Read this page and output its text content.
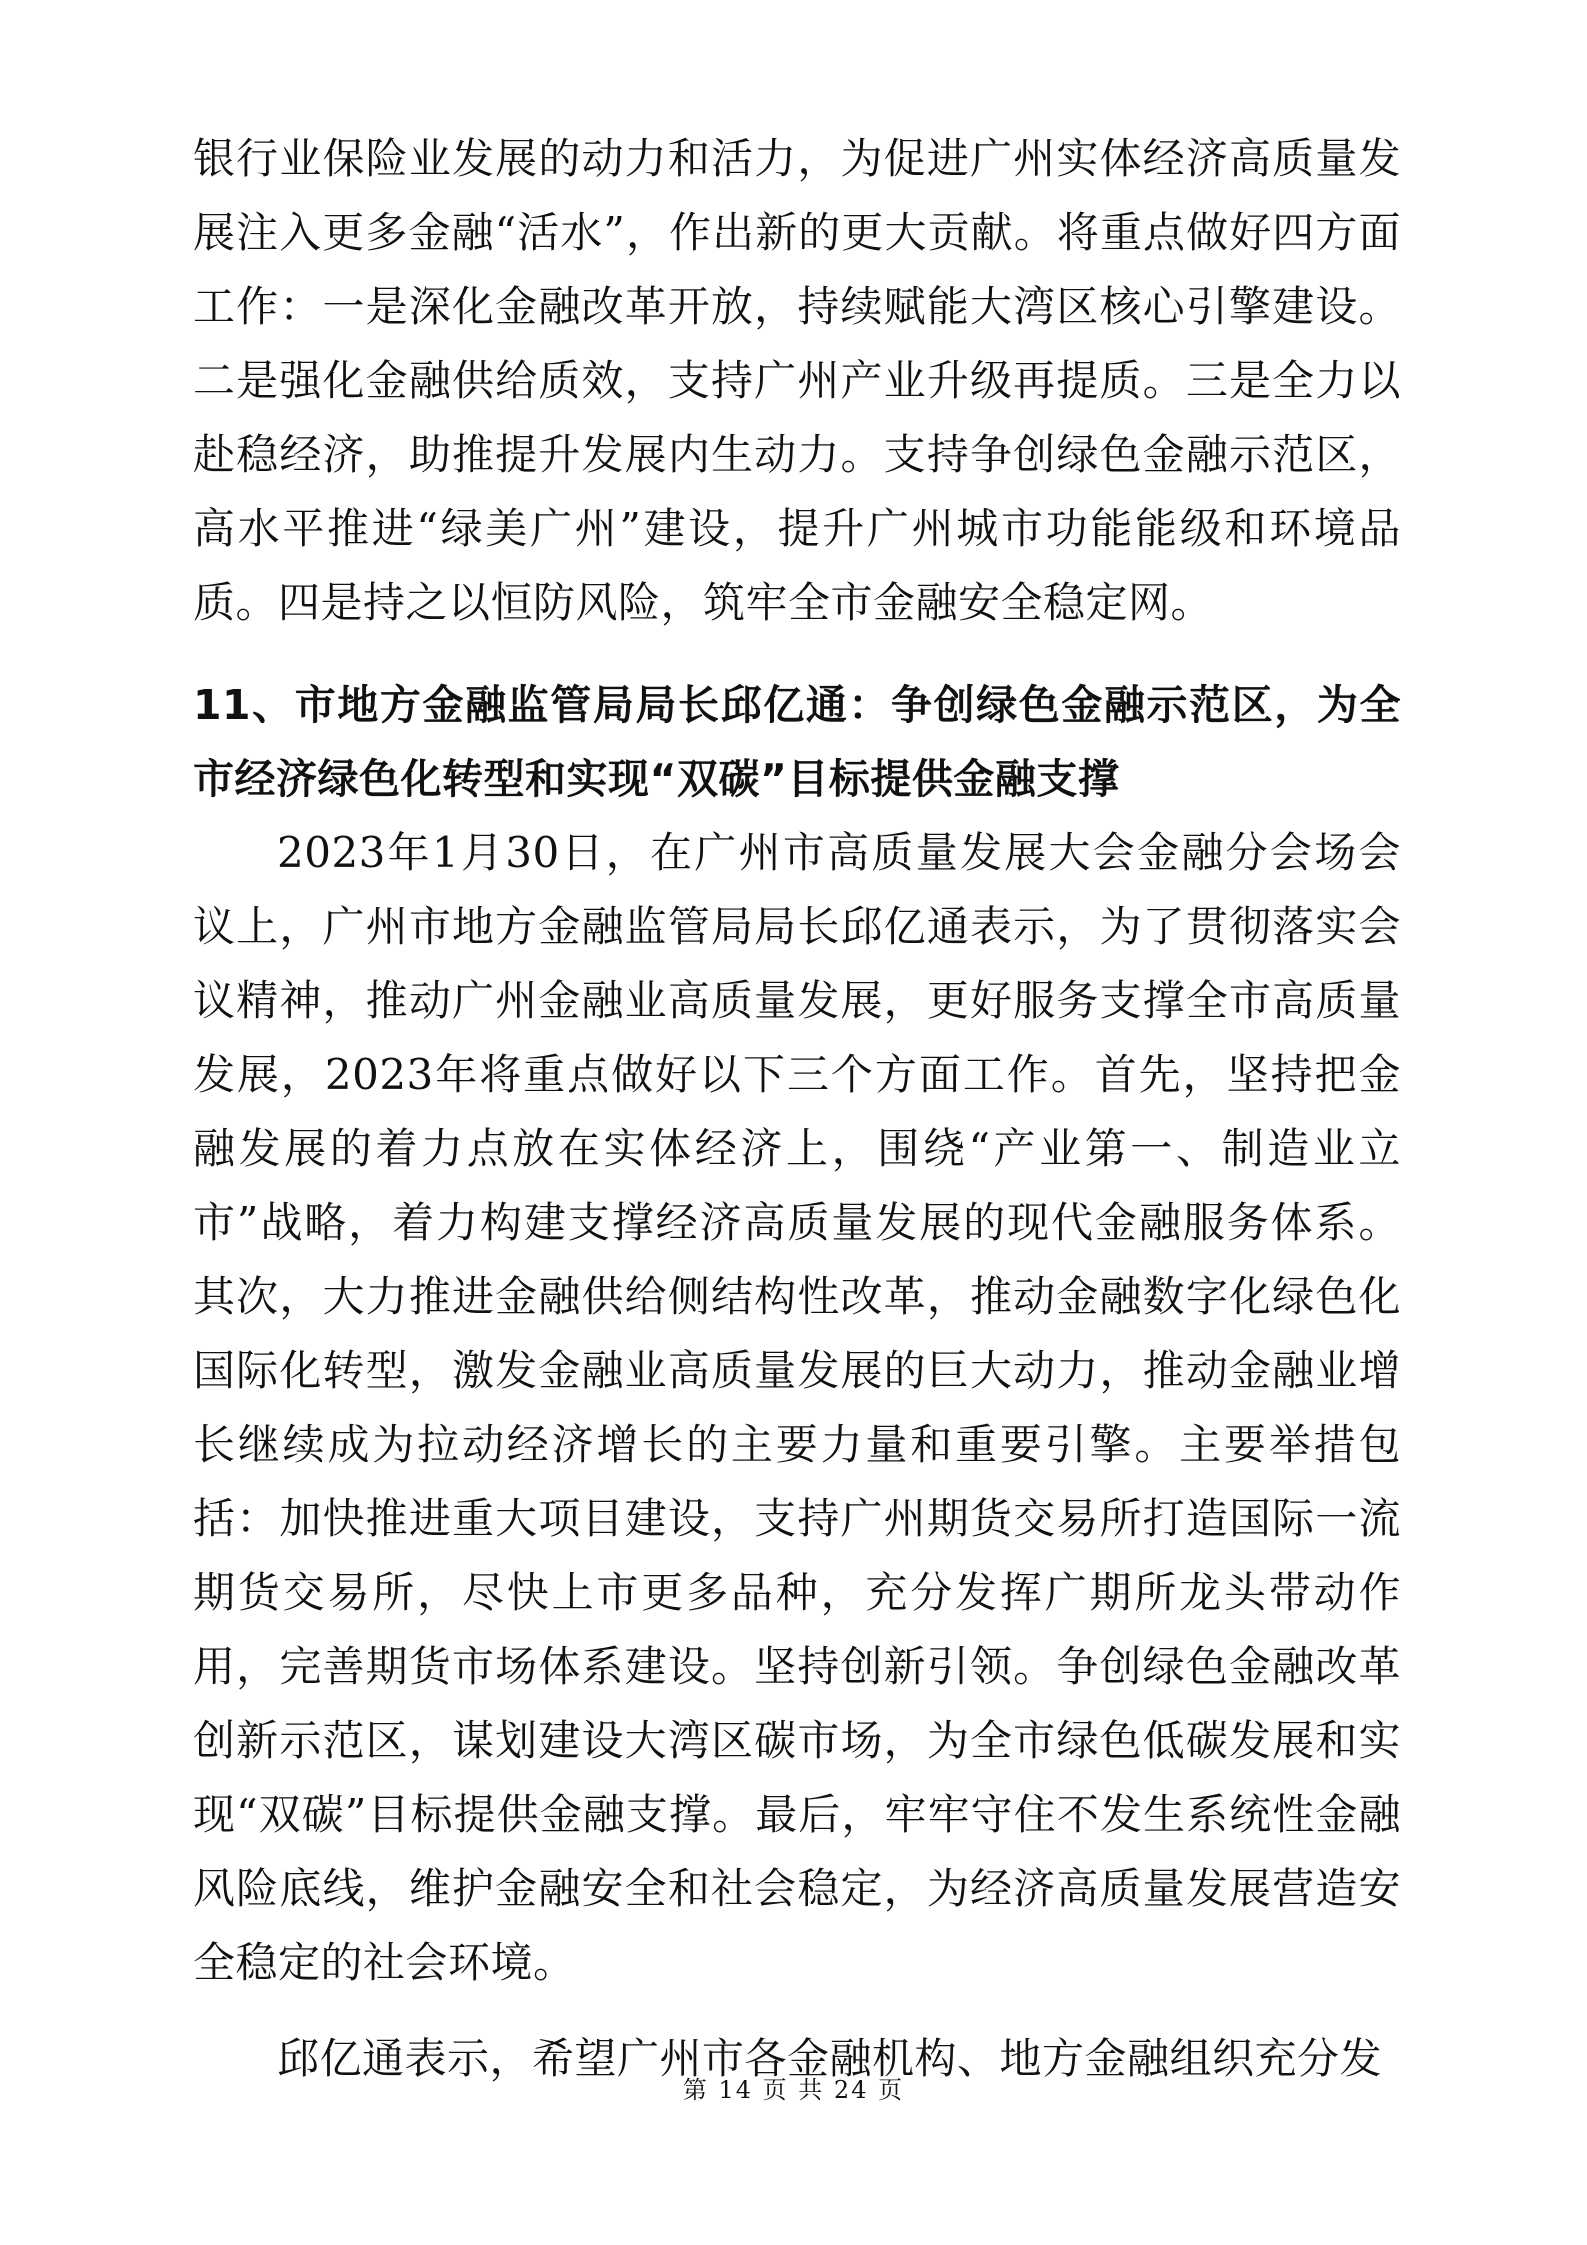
银行业保险业发展的动力和活力，为促进广州实体经济高质量发展注入更多金融“活水”，作出新的更大贡献。将重点做好四方面工作：一是深化金融改革开放，持续赋能大湾区核心引擎建设。二是强化金融供给质效，支持广州产业升级再提质。三是全力以赴稳经济，助推提升发展内生动力。支持争创绿色金融示范区，高水平推进“绿美广州”建设，提升广州城市功能能级和环境品质。四是持之以恒防风险，筑牢全市金融安全稳定网。

11、市地方金融监管局局长邱亿通：争创绿色金融示范区，为全市经济绿色化转型和实现“双碳”目标提供金融支撑

2023年1月30日，在广州市高质量发展大会金融分会场会议上，广州市地方金融监管局局长邱亿通表示，为了贯彻落实会议精神，推动广州金融业高质量发展，更好服务支撑全市高质量发展，2023年将重点做好以下三个方面工作。首先，坚持把金融发展的着力点放在实体经济上，围绕“产业第一、制造业立市”战略，着力构建支撑经济高质量发展的现代金融服务体系。其次，大力推进金融供给侧结构性改革，推动金融数字化绿色化国际化转型，激发金融业高质量发展的巨大动力，推动金融业增长继续成为拉动经济增长的主要力量和重要引擎。主要举措包括：加快推进重大项目建设，支持广州期货交易所打造国际一流期货交易所，尽快上市更多品种，充分发挥广期所龙头带动作用，完善期货市场体系建设。坚持创新引领。争创绿色金融改革创新示范区，谋划建设大湾区碳市场，为全市绿色低碳发展和实现“双碳”目标提供金融支撑。最后，牢牢守住不发生系统性金融风险底线，维护金融安全和社会稳定，为经济高质量发展营造安全稳定的社会环境。

邱亿通表示，希望广州市各金融机构、地方金融组织充分发

第 14 页 共 24 页
